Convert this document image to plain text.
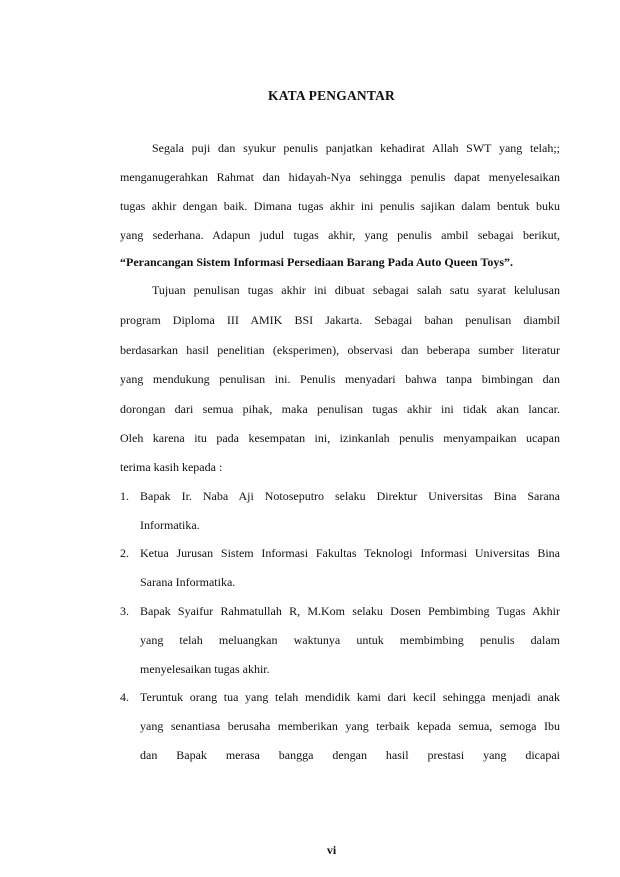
KATA PENGANTAR
Segala puji dan syukur penulis panjatkan kehadirat Allah SWT yang telah;;
menganugerahkan Rahmat dan hidayah-Nya sehingga penulis dapat menyelesaikan
tugas akhir dengan baik. Dimana tugas akhir ini penulis sajikan dalam bentuk buku
yang sederhana. Adapun judul tugas akhir, yang penulis ambil sebagai berikut,
“Perancangan Sistem Informasi Persediaan Barang Pada Auto Queen Toys”.
Tujuan penulisan tugas akhir ini dibuat sebagai salah satu syarat kelulusan
program Diploma III AMIK BSI Jakarta. Sebagai bahan penulisan diambil
berdasarkan hasil penelitian (eksperimen), observasi dan beberapa sumber literatur
yang mendukung penulisan ini. Penulis menyadari bahwa tanpa bimbingan dan
dorongan dari semua pihak, maka penulisan tugas akhir ini tidak akan lancar.
Oleh karena itu pada kesempatan ini, izinkanlah penulis menyampaikan ucapan
terima kasih kepada :
1. Bapak Ir. Naba Aji Notoseputro selaku Direktur Universitas Bina Sarana
Informatika.
2. Ketua Jurusan Sistem Informasi Fakultas Teknologi Informasi Universitas Bina
Sarana Informatika.
3. Bapak Syaifur Rahmatullah R, M.Kom selaku Dosen Pembimbing Tugas Akhir
yang telah meluangkan waktunya untuk membimbing penulis dalam
menyelesaikan tugas akhir.
4. Teruntuk orang tua yang telah mendidik kami dari kecil sehingga menjadi anak
yang senantiasa berusaha memberikan yang terbaik kepada semua, semoga Ibu
dan Bapak merasa bangga dengan hasil prestasi yang dicapai
vi
